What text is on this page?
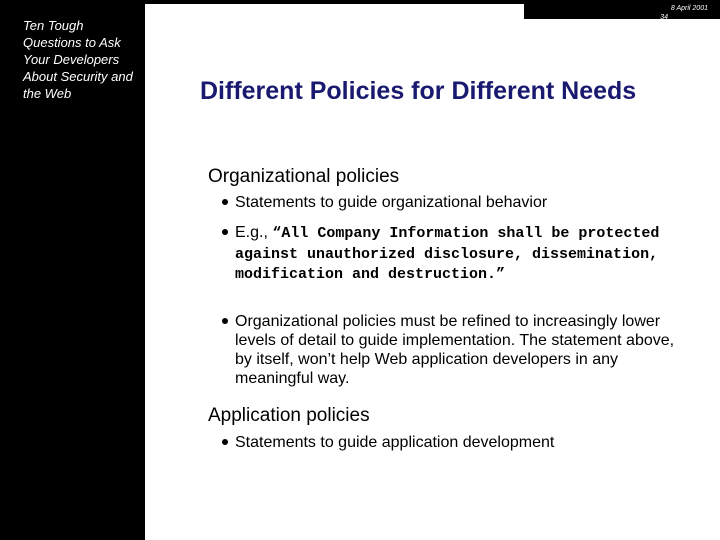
Ten Tough Questions to Ask Your Developers About Security and the Web
8 April 2001
34
Different Policies for Different Needs
Organizational policies
Statements to guide organizational behavior
E.g., “All Company Information shall be protected against unauthorized disclosure, dissemination, modification and destruction.”
Organizational policies must be refined to increasingly lower levels of detail to guide implementation. The statement above, by itself, won’t help Web application developers in any meaningful way.
Application policies
Statements to guide application development
